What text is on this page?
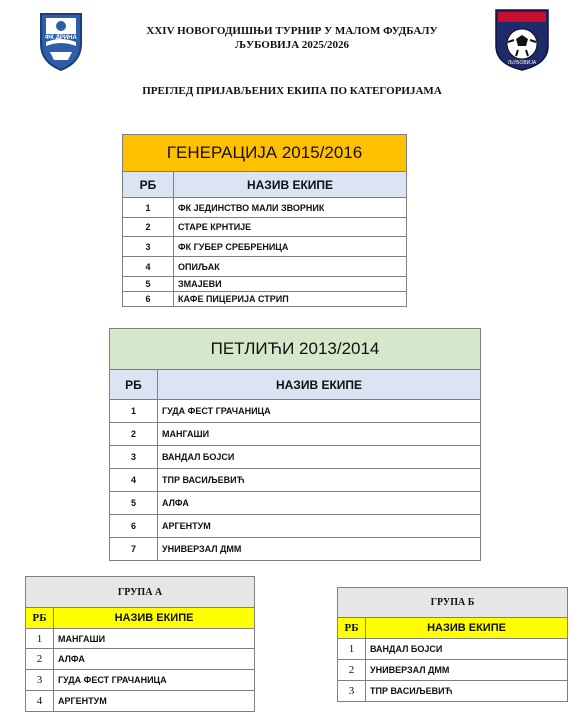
ФК ДРИНА
ЉУБОВИЈА
XXIV НОВОГОДИШЊИ ТУРНИР У МАЛОМ ФУДБАЛУ
ЉУБОВИЈА 2025/2026
ПРЕГЛЕД ПРИЈАВЉЕНИХ ЕКИПА ПО КАТЕГОРИЈАМА
ГЕНЕРАЦИЈА 2015/2016	
РБ	НАЗИВ ЕКИПЕ
1	ФК ЈЕДИНСТВО МАЛИ ЗВОРНИК
2	СТАРЕ КРНТИЈЕ
3	ФК ГУБЕР СРЕБРЕНИЦА
4	ОПИЉАК
5	ЗМАЈЕВИ
6	КАФЕ ПИЦЕРИЈА СТРИП
ПЕТЛИЋИ 2013/2014	
РБ	НАЗИВ ЕКИПЕ
1	ГУДА ФЕСТ ГРАЧАНИЦА
2	МАНГАШИ
3	ВАНДАЛ БОЈСИ
4	ТПР ВАСИЉЕВИЋ
5	АЛФА
6	АРГЕНТУМ
7	УНИВЕРЗАЛ ДММ
ГРУПА А	
РБ	НАЗИВ ЕКИПЕ
1	МАНГАШИ
2	АЛФА
3	ГУДА ФЕСТ ГРАЧАНИЦА
4	АРГЕНТУМ
ГРУПА Б	
РБ	НАЗИВ ЕКИПЕ
1	ВАНДАЛ БОЈСИ
2	УНИВЕРЗАЛ ДММ
3	ТПР ВАСИЉЕВИЋ
